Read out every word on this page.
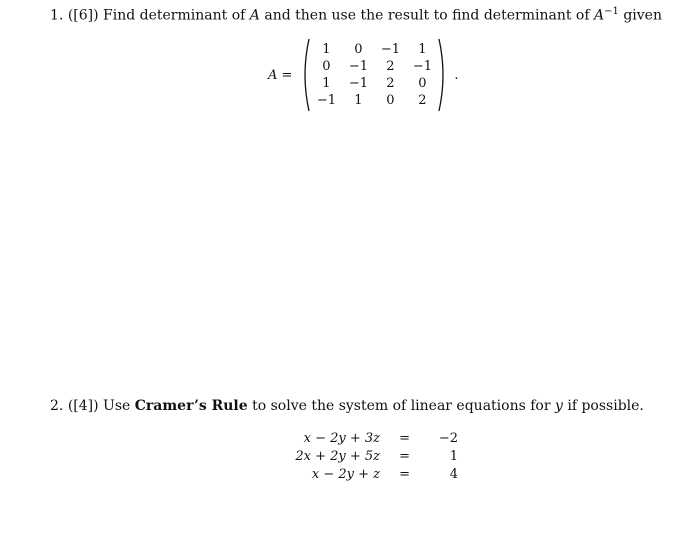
1. ([6]) Find determinant of A and then use the result to find determinant of $A^{-1}$ given
A =
1	0	−1	1
0	−1	2	−1
1	−1	2	0
−1	1	0	2
.
2. ([4]) Use Cramer’s Rule to solve the system of linear equations for y if possible.
x − 2y + 3z	=	−2
2x + 2y + 5z	=	1
x − 2y + z	=	4
